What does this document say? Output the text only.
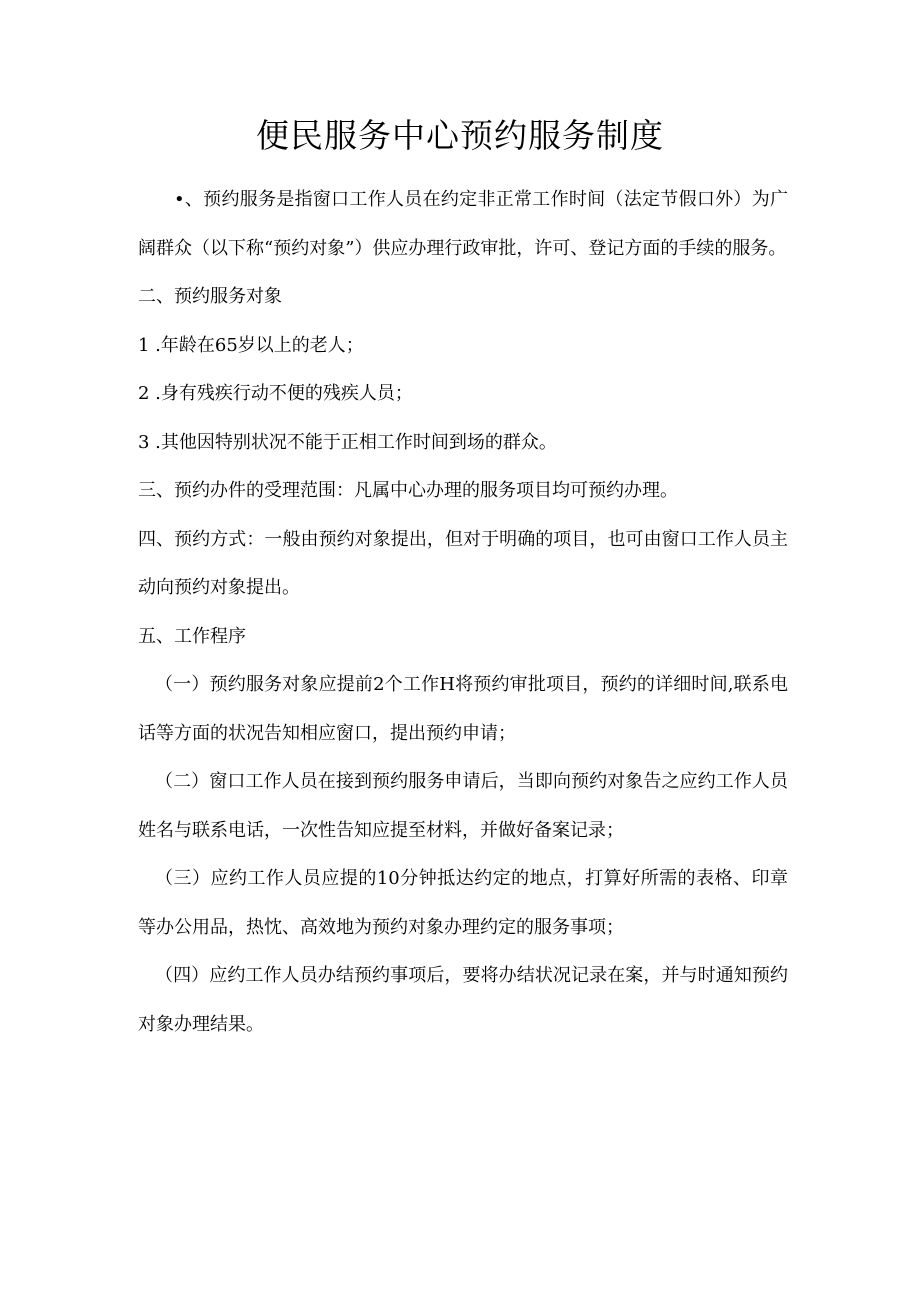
便民服务中心预约服务制度

•、预约服务是指窗口工作人员在约定非正常工作时间（法定节假口外）为广阔群众（以下称“预约对象”）供应办理行政审批，许可、登记方面的手续的服务。

二、预约服务对象

1 .年龄在65岁以上的老人；

2 .身有残疾行动不便的残疾人员；

3 .其他因特别状况不能于正相工作时间到场的群众。

三、预约办件的受理范围：凡属中心办理的服务项目均可预约办理。

四、预约方式：一般由预约对象提出，但对于明确的项目，也可由窗口工作人员主动向预约对象提出。

五、工作程序

（一）预约服务对象应提前2个工作H将预约审批项目，预约的详细时间,联系电话等方面的状况告知相应窗口，提出预约申请；

（二）窗口工作人员在接到预约服务申请后，当即向预约对象告之应约工作人员姓名与联系电话，一次性告知应提至材料，并做好备案记录；

（三）应约工作人员应提的10分钟抵达约定的地点，打算好所需的表格、印章等办公用品，热忱、高效地为预约对象办理约定的服务事项；

（四）应约工作人员办结预约事项后，要将办结状况记录在案，并与时通知预约对象办理结果。
